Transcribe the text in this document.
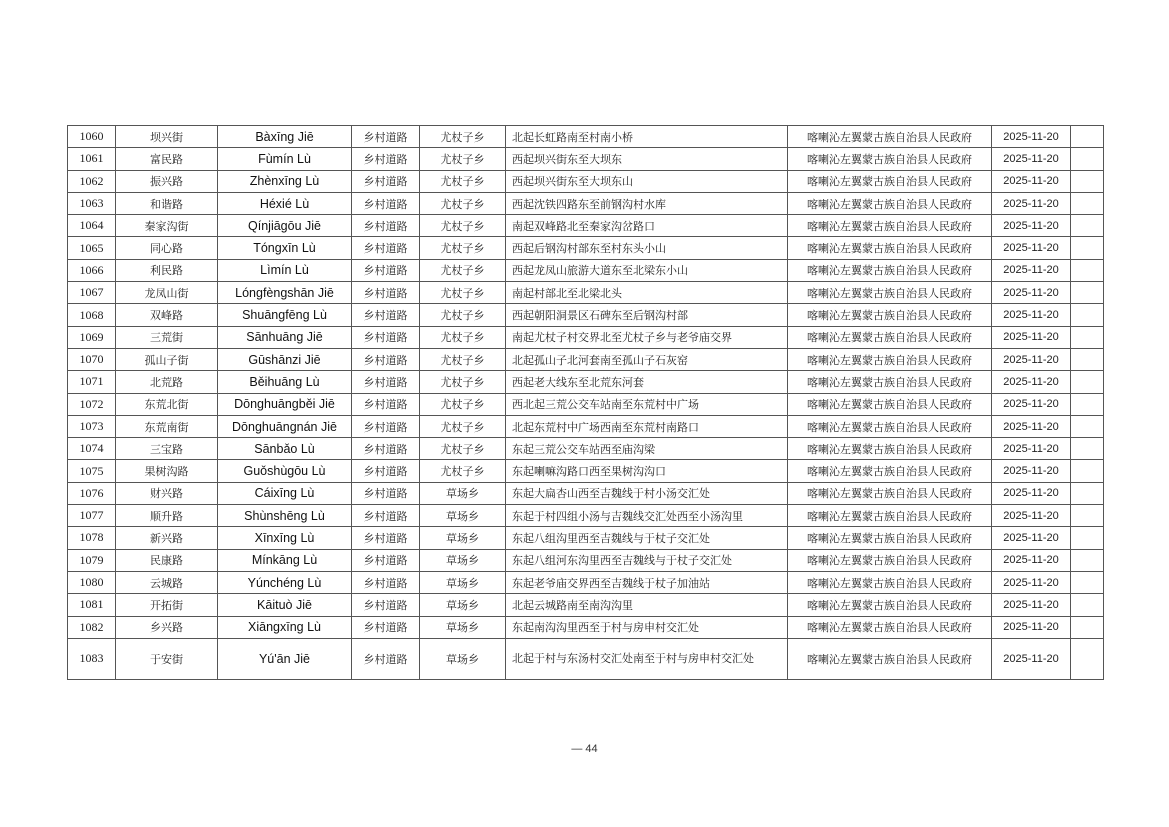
1060	坝兴街	Bàxīng Jiē	乡村道路	尤杖子乡	北起长虹路南至村南小桥	喀喇沁左翼蒙古族自治县人民政府	2025-11-20	
1061	富民路	Fùmín Lù	乡村道路	尤杖子乡	西起坝兴街东至大坝东	喀喇沁左翼蒙古族自治县人民政府	2025-11-20	
1062	振兴路	Zhènxīng Lù	乡村道路	尤杖子乡	西起坝兴街东至大坝东山	喀喇沁左翼蒙古族自治县人民政府	2025-11-20	
1063	和谐路	Héxié Lù	乡村道路	尤杖子乡	西起沈铁四路东至前钢沟村水库	喀喇沁左翼蒙古族自治县人民政府	2025-11-20	
1064	秦家沟街	Qínjiāgōu Jiē	乡村道路	尤杖子乡	南起双峰路北至秦家沟岔路口	喀喇沁左翼蒙古族自治县人民政府	2025-11-20	
1065	同心路	Tóngxīn Lù	乡村道路	尤杖子乡	西起后钢沟村部东至村东头小山	喀喇沁左翼蒙古族自治县人民政府	2025-11-20	
1066	利民路	Lìmín Lù	乡村道路	尤杖子乡	西起龙凤山旅游大道东至北梁东小山	喀喇沁左翼蒙古族自治县人民政府	2025-11-20	
1067	龙凤山街	Lóngfèngshān Jiē	乡村道路	尤杖子乡	南起村部北至北梁北头	喀喇沁左翼蒙古族自治县人民政府	2025-11-20	
1068	双峰路	Shuāngfēng Lù	乡村道路	尤杖子乡	西起朝阳洞景区石碑东至后钢沟村部	喀喇沁左翼蒙古族自治县人民政府	2025-11-20	
1069	三荒街	Sānhuāng Jiē	乡村道路	尤杖子乡	南起尤杖子村交界北至尤杖子乡与老爷庙交界	喀喇沁左翼蒙古族自治县人民政府	2025-11-20	
1070	孤山子街	Gūshānzi Jiē	乡村道路	尤杖子乡	北起孤山子北河套南至孤山子石灰窑	喀喇沁左翼蒙古族自治县人民政府	2025-11-20	
1071	北荒路	Běihuāng Lù	乡村道路	尤杖子乡	西起老大线东至北荒东河套	喀喇沁左翼蒙古族自治县人民政府	2025-11-20	
1072	东荒北街	Dōnghuāngběi Jiē	乡村道路	尤杖子乡	西北起三荒公交车站南至东荒村中广场	喀喇沁左翼蒙古族自治县人民政府	2025-11-20	
1073	东荒南街	Dōnghuāngnán Jiē	乡村道路	尤杖子乡	北起东荒村中广场西南至东荒村南路口	喀喇沁左翼蒙古族自治县人民政府	2025-11-20	
1074	三宝路	Sānbǎo Lù	乡村道路	尤杖子乡	东起三荒公交车站西至庙沟梁	喀喇沁左翼蒙古族自治县人民政府	2025-11-20	
1075	果树沟路	Guǒshùgōu Lù	乡村道路	尤杖子乡	东起喇嘛沟路口西至果树沟沟口	喀喇沁左翼蒙古族自治县人民政府	2025-11-20	
1076	财兴路	Cáixīng Lù	乡村道路	草场乡	东起大扁杏山西至吉魏线于村小汤交汇处	喀喇沁左翼蒙古族自治县人民政府	2025-11-20	
1077	顺升路	Shùnshēng Lù	乡村道路	草场乡	东起于村四组小汤与吉魏线交汇处西至小汤沟里	喀喇沁左翼蒙古族自治县人民政府	2025-11-20	
1078	新兴路	Xīnxīng Lù	乡村道路	草场乡	东起八组沟里西至吉魏线与于杖子交汇处	喀喇沁左翼蒙古族自治县人民政府	2025-11-20	
1079	民康路	Mínkāng Lù	乡村道路	草场乡	东起八组河东沟里西至吉魏线与于杖子交汇处	喀喇沁左翼蒙古族自治县人民政府	2025-11-20	
1080	云城路	Yúnchéng Lù	乡村道路	草场乡	东起老爷庙交界西至吉魏线于杖子加油站	喀喇沁左翼蒙古族自治县人民政府	2025-11-20	
1081	开拓街	Kāituò Jiē	乡村道路	草场乡	北起云城路南至南沟沟里	喀喇沁左翼蒙古族自治县人民政府	2025-11-20	
1082	乡兴路	Xiāngxīng Lù	乡村道路	草场乡	东起南沟沟里西至于村与房申村交汇处	喀喇沁左翼蒙古族自治县人民政府	2025-11-20	
1083	于安街	Yú'ān Jiē	乡村道路	草场乡	北起于村与东汤村交汇处南至于村与房申村交汇处	喀喇沁左翼蒙古族自治县人民政府	2025-11-20	
— 44
